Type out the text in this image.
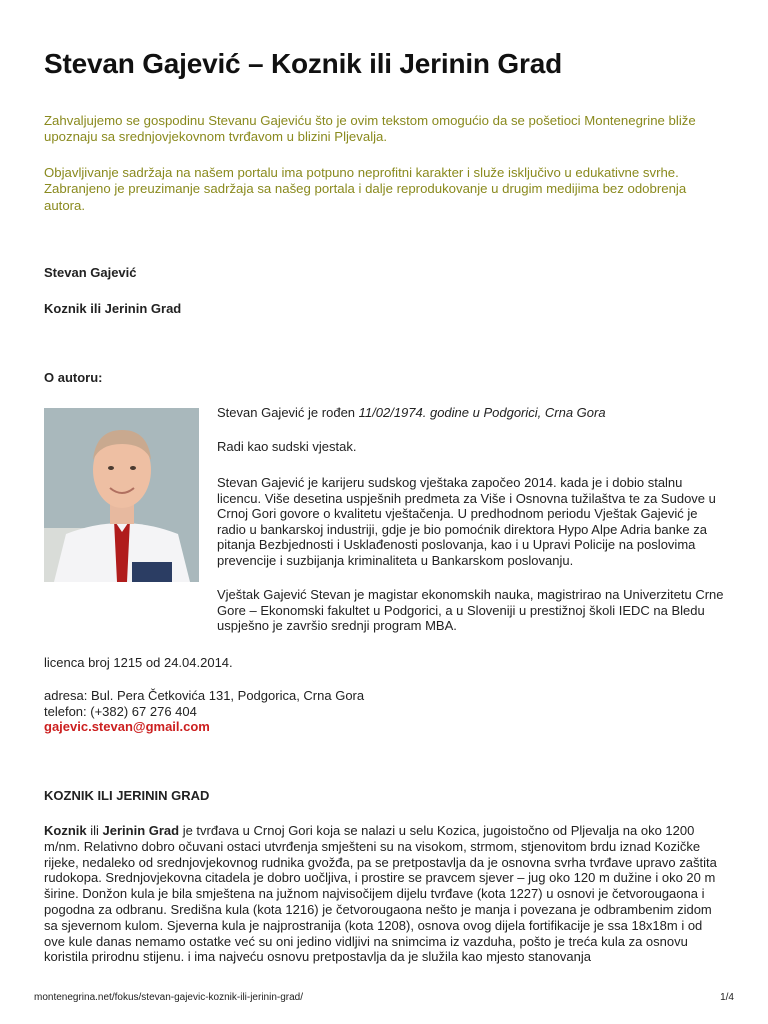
Stevan Gajević – Koznik ili Jerinin Grad

Zahvaljujemo se gospodinu Stevanu Gajeviću što je ovim tekstom omogućio da se pošetioci Montenegrine bliže upoznaju sa srednjovjekovnom tvrđavom u blizini Pljevalja.

Objavljivanje sadržaja na našem portalu ima potpuno neprofitni karakter i služe isključivo u edukativne svrhe. Zabranjeno je preuzimanje sadržaja sa našeg portala i dalje reprodukovanje u drugim medijima bez odobrenja autora.

Stevan Gajević

Koznik ili Jerinin Grad

O autoru:

Stevan Gajević je rođen 11/02/1974. godine u Podgorici, Crna Gora

Radi kao sudski vjestak.

Stevan Gajević je karijeru sudskog vještaka započeo 2014. kada je i dobio stalnu licencu. Više desetina uspješnih predmeta za Više i Osnovna tužilaštva te za Sudove u Crnoj Gori govore o kvalitetu vještačenja. U predhodnom periodu Vještak Gajević je radio u bankarskoj industriji, gdje je bio pomoćnik direktora Hypo Alpe Adria banke za pitanja Bezbjednosti i Usklađenosti poslovanja, kao i u Upravi Policije na poslovima prevencije i suzbijanja kriminaliteta u Bankarskom poslovanju.

Vještak Gajević Stevan je magistar ekonomskih nauka, magistrirao na Univerzitetu Crne Gore – Ekonomski fakultet u Podgorici, a u Sloveniji u prestižnoj školi IEDC na Bledu uspješno je završio srednji program MBA.

licenca broj 1215 od 24.04.2014.

adresa: Bul. Pera Četkovića 131, Podgorica, Crna Gora

telefon: (+382) 67 276 404

gajevic.stevan@gmail.com
KOZNIK ILI JERININ GRAD

Koznik ili Jerinin Grad je tvrđava u Crnoj Gori koja se nalazi u selu Kozica, jugoistočno od Pljevalja na oko 1200 m/nm. Relativno dobro očuvani ostaci utvrđenja smješteni su na visokom, strmom, stjenovitom brdu iznad Kozičke rijeke, nedaleko od srednjovjekovnog rudnika gvožđa, pa se pretpostavlja da je osnovna svrha tvrđave upravo zaštita rudokopa. Srednjovjekovna citadela je dobro uočljiva, i prostire se pravcem sjever – jug oko 120 m dužine i oko 20 m širine. Donžon kula je bila smještena na južnom najvisočijem dijelu tvrđave (kota 1227) u osnovi je četvorougaona i pogodna za odbranu. Središna kula (kota 1216) je četvorougaona nešto je manja i povezana je odbrambenim zidom sa sjevernom kulom. Sjeverna kula je najprostranija (kota 1208), osnova ovog dijela fortifikacije je ssa 18x18m i od ove kule danas nemamo ostatke već su oni jedino vidljivi na snimcima iz vazduha, pošto je treća kula za osnovu koristila prirodnu stijenu. i ima najveću osnovu pretpostavlja da je služila kao mjesto stanovanja

montenegrina.net/fokus/stevan-gajevic-koznik-ili-jerinin-grad/	1/4
